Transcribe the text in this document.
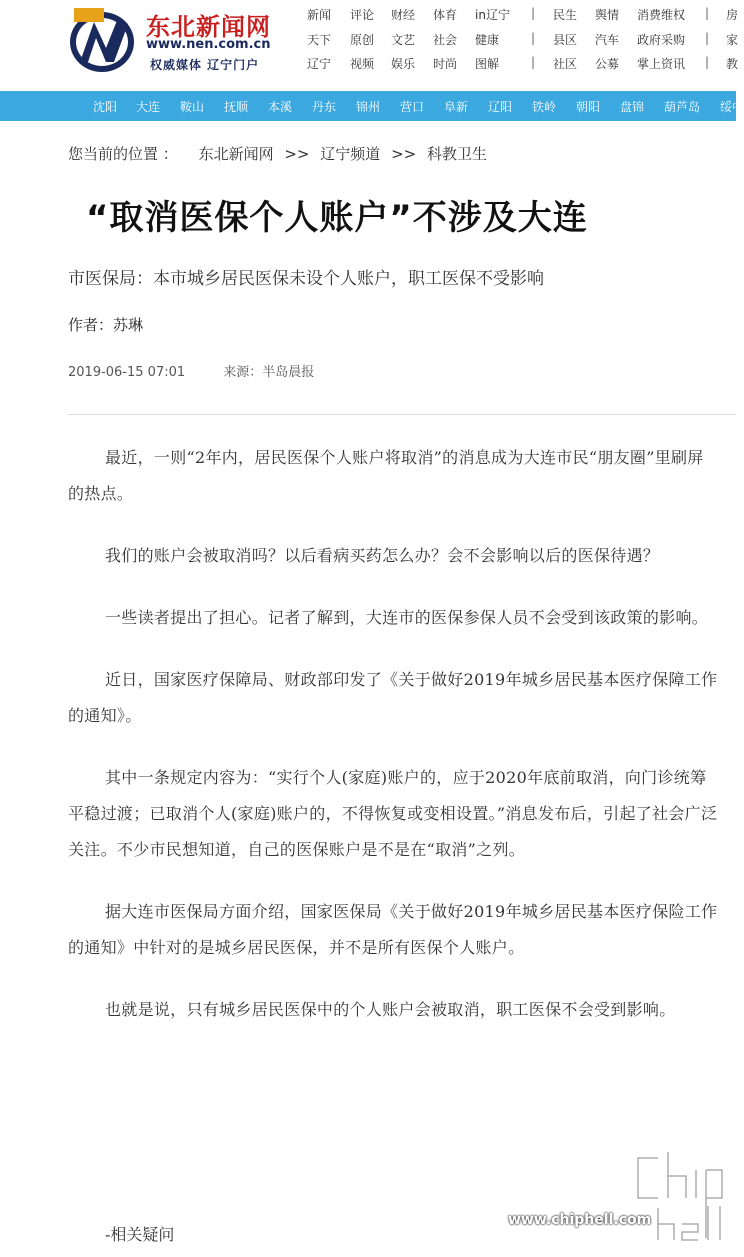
东北新闻网
www.nen.com.cn
权威媒体 辽宁门户
新闻 评论 财经 体育 in辽宁 | 民生 舆情 消费维权 | 房
天下 原创 文艺 社会 健康	| 县区 汽车 政府采购 | 家
辽宁 视频 娱乐 时尚 图解	| 社区 公募 掌上资讯 | 教
沈阳 大连 鞍山 抚顺 本溪 丹东 锦州 营口 阜新 辽阳 铁岭 朝阳 盘锦 葫芦岛 绥中
您当前的位置 ： 东北新闻网 >> 辽宁频道 >> 科教卫生
“取消医保个人账户”不涉及大连
市医保局：本市城乡居民医保未设个人账户，职工医保不受影响
作者：苏琳
2019-06-15 07:01	来源：半岛晨报

最近，一则“2年内，居民医保个人账户将取消”的消息成为大连市民“朋友圈”里刷屏的热点。

我们的账户会被取消吗？以后看病买药怎么办？会不会影响以后的医保待遇？

一些读者提出了担心。记者了解到，大连市的医保参保人员不会受到该政策的影响。

近日，国家医疗保障局、财政部印发了《关于做好2019年城乡居民基本医疗保障工作的通知》。

其中一条规定内容为：“实行个人(家庭)账户的，应于2020年底前取消，向门诊统筹平稳过渡；已取消个人(家庭)账户的，不得恢复或变相设置。”消息发布后，引起了社会广泛关注。不少市民想知道，自己的医保账户是不是在“取消”之列。

据大连市医保局方面介绍，国家医保局《关于做好2019年城乡居民基本医疗保险工作的通知》中针对的是城乡居民医保，并不是所有医保个人账户。

也就是说，只有城乡居民医保中的个人账户会被取消，职工医保不会受到影响。

-相关疑问
www.chiphell.com
